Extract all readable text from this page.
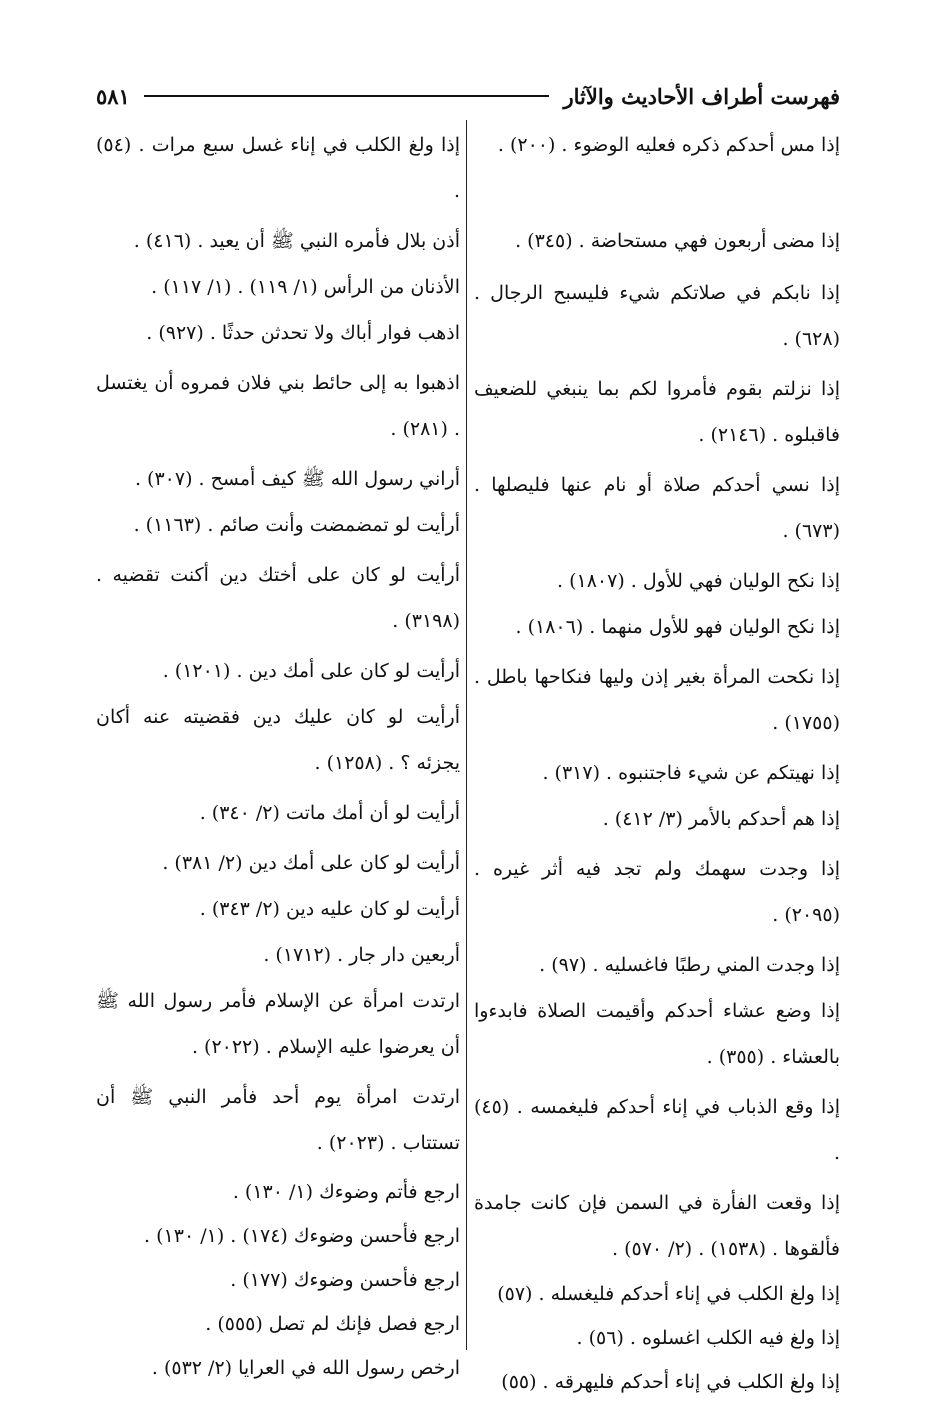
فهرست أطراف الأحاديث والآثار
٥٨١
إذا مس أحدكم ذكره فعليه الوضوء . (٢٠٠) .
إذا مضى أربعون فهي مستحاضة . (٣٤٥) .
إذا نابكم في صلاتكم شيء فليسبح الرجال . (٦٢٨) .
إذا نزلتم بقوم فأمروا لكم بما ينبغي للضعيف فاقبلوه . (٢١٤٦) .
إذا نسي أحدكم صلاة أو نام عنها فليصلها . (٦٧٣) .
إذا نكح الوليان فهي للأول . (١٨٠٧) .
إذا نكح الوليان فهو للأول منهما . (١٨٠٦) .
إذا نكحت المرأة بغير إذن وليها فنكاحها باطل . (١٧٥٥) .
إذا نهيتكم عن شيء فاجتنبوه . (٣١٧) .
إذا هم أحدكم بالأمر (٣/ ٤١٢) .
إذا وجدت سهمك ولم تجد فيه أثر غيره . (٢٠٩٥) .
إذا وجدت المني رطبًا فاغسليه . (٩٧) .
إذا وضع عشاء أحدكم وأقيمت الصلاة فابدءوا بالعشاء . (٣٥٥) .
إذا وقع الذباب في إناء أحدكم فليغمسه . (٤٥) .
إذا وقعت الفأرة في السمن فإن كانت جامدة فألقوها . (١٥٣٨) . (٢/ ٥٧٠) .
إذا ولغ الكلب في إناء أحدكم فليغسله . (٥٧)
إذا ولغ فيه الكلب اغسلوه . (٥٦) .
إذا ولغ الكلب في إناء أحدكم فليهرقه . (٥٥)
إذا ولغ الكلب في إناء غسل سبع مرات . (٥٤) .
أذن بلال فأمره النبي ﷺ أن يعيد . (٤١٦) .
الأذنان من الرأس (١/ ١١٩) . (١/ ١١٧) .
اذهب فوار أباك ولا تحدثن حدثًا . (٩٢٧) .
اذهبوا به إلى حائط بني فلان فمروه أن يغتسل . (٢٨١) .
أراني رسول الله ﷺ كيف أمسح . (٣٠٧) .
أرأيت لو تمضمضت وأنت صائم . (١١٦٣) .
أرأيت لو كان على أختك دين أكنت تقضيه . (٣١٩٨) .
أرأيت لو كان على أمك دين . (١٢٠١) .
أرأيت لو كان عليك دين فقضيته عنه أكان يجزئه ؟ . (١٢٥٨) .
أرأيت لو أن أمك ماتت (٢/ ٣٤٠) .
أرأيت لو كان على أمك دين (٢/ ٣٨١) .
أرأيت لو كان عليه دين (٢/ ٣٤٣) .
أربعين دار جار . (١٧١٢) .
ارتدت امرأة عن الإسلام فأمر رسول الله ﷺ أن يعرضوا عليه الإسلام . (٢٠٢٢) .
ارتدت امرأة يوم أحد فأمر النبي ﷺ أن تستتاب . (٢٠٢٣) .
ارجع فأتم وضوءك (١/ ١٣٠) .
ارجع فأحسن وضوءك (١٧٤) . (١/ ١٣٠) .
ارجع فأحسن وضوءك (١٧٧) .
ارجع فصل فإنك لم تصل (٥٥٥) .
ارخص رسول الله في العرايا (٢/ ٥٣٢) .
